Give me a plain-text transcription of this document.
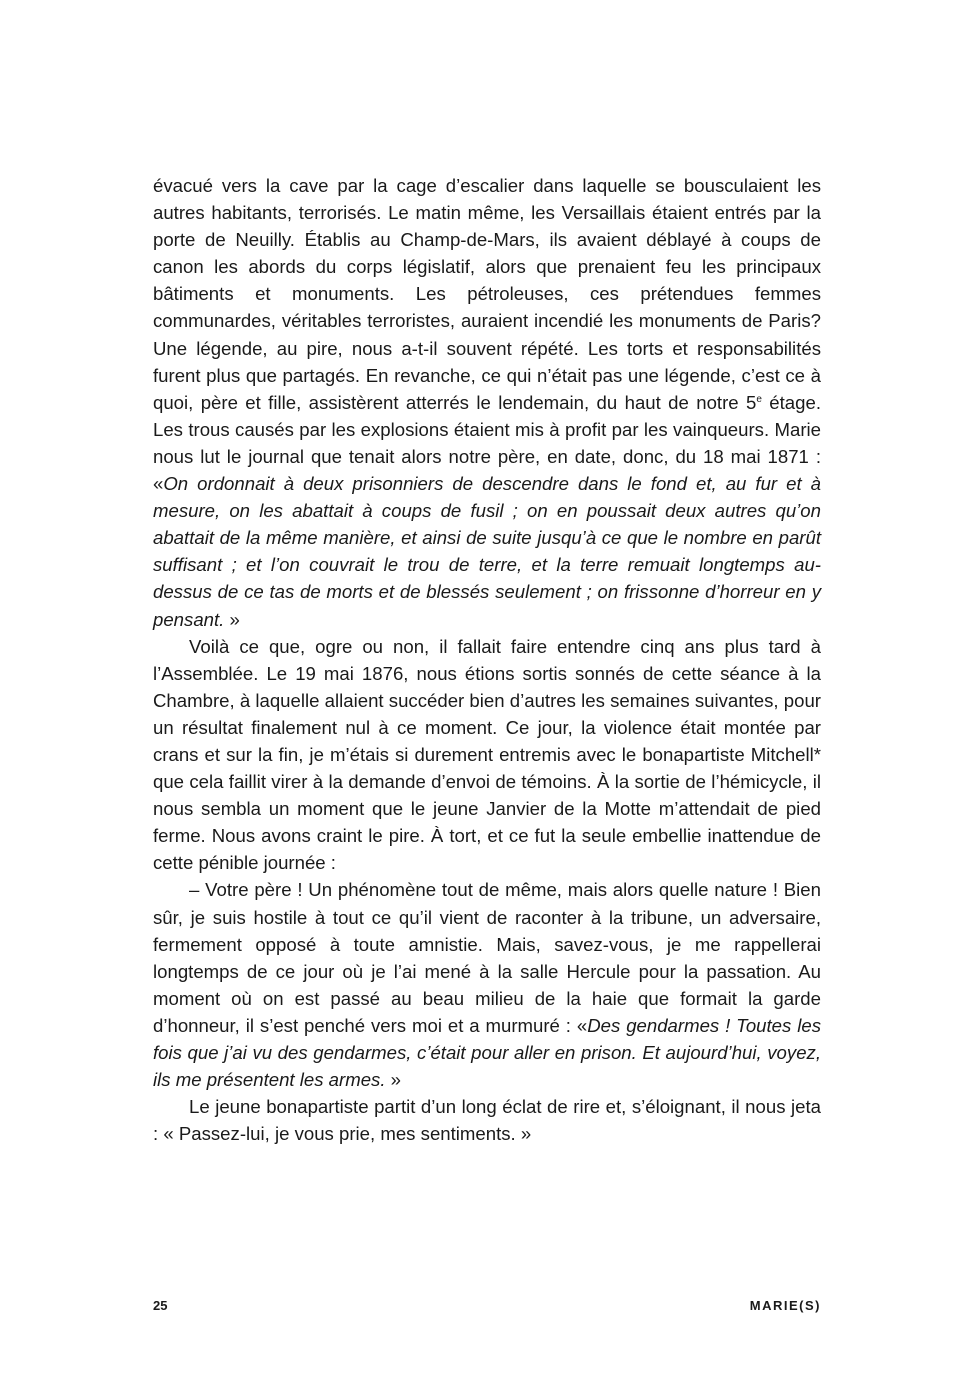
évacué vers la cave par la cage d’escalier dans laquelle se bousculaient les autres habitants, terrorisés. Le matin même, les Versaillais étaient entrés par la porte de Neuilly. Établis au Champ-de-Mars, ils avaient déblayé à coups de canon les abords du corps législatif, alors que prenaient feu les principaux bâtiments et monuments. Les pétroleuses, ces prétendues femmes communardes, véritables terroristes, auraient incendié les monuments de Paris? Une légende, au pire, nous a-t-il souvent répété. Les torts et responsabilités furent plus que partagés. En revanche, ce qui n’était pas une légende, c’est ce à quoi, père et fille, assistèrent atterrés le lendemain, du haut de notre 5e étage. Les trous causés par les explosions étaient mis à profit par les vainqueurs. Marie nous lut le journal que tenait alors notre père, en date, donc, du 18 mai 1871 : «On ordonnait à deux prisonniers de descendre dans le fond et, au fur et à mesure, on les abattait à coups de fusil ; on en poussait deux autres qu’on abattait de la même manière, et ainsi de suite jusqu’à ce que le nombre en parût suffisant ; et l’on couvrait le trou de terre, et la terre remuait longtemps au-dessus de ce tas de morts et de blessés seulement ; on frissonne d’horreur en y pensant. »

Voilà ce que, ogre ou non, il fallait faire entendre cinq ans plus tard à l’Assemblée. Le 19 mai 1876, nous étions sortis sonnés de cette séance à la Chambre, à laquelle allaient succéder bien d’autres les semaines suivantes, pour un résultat finalement nul à ce moment. Ce jour, la violence était montée par crans et sur la fin, je m’étais si durement entremis avec le bonapartiste Mitchell* que cela faillit virer à la demande d’envoi de témoins. À la sortie de l’hémicycle, il nous sembla un moment que le jeune Janvier de la Motte m’attendait de pied ferme. Nous avons craint le pire. À tort, et ce fut la seule embellie inattendue de cette pénible journée :

– Votre père ! Un phénomène tout de même, mais alors quelle nature ! Bien sûr, je suis hostile à tout ce qu’il vient de raconter à la tribune, un adversaire, fermement opposé à toute amnistie. Mais, savez-vous, je me rappellerai longtemps de ce jour où je l’ai mené à la salle Hercule pour la passation. Au moment où on est passé au beau milieu de la haie que formait la garde d’honneur, il s’est penché vers moi et a murmuré : «Des gendarmes ! Toutes les fois que j’ai vu des gendarmes, c’était pour aller en prison. Et aujourd’hui, voyez, ils me présentent les armes. »

Le jeune bonapartiste partit d’un long éclat de rire et, s’éloignant, il nous jeta : « Passez-lui, je vous prie, mes sentiments. »

25	MARIE(S)
